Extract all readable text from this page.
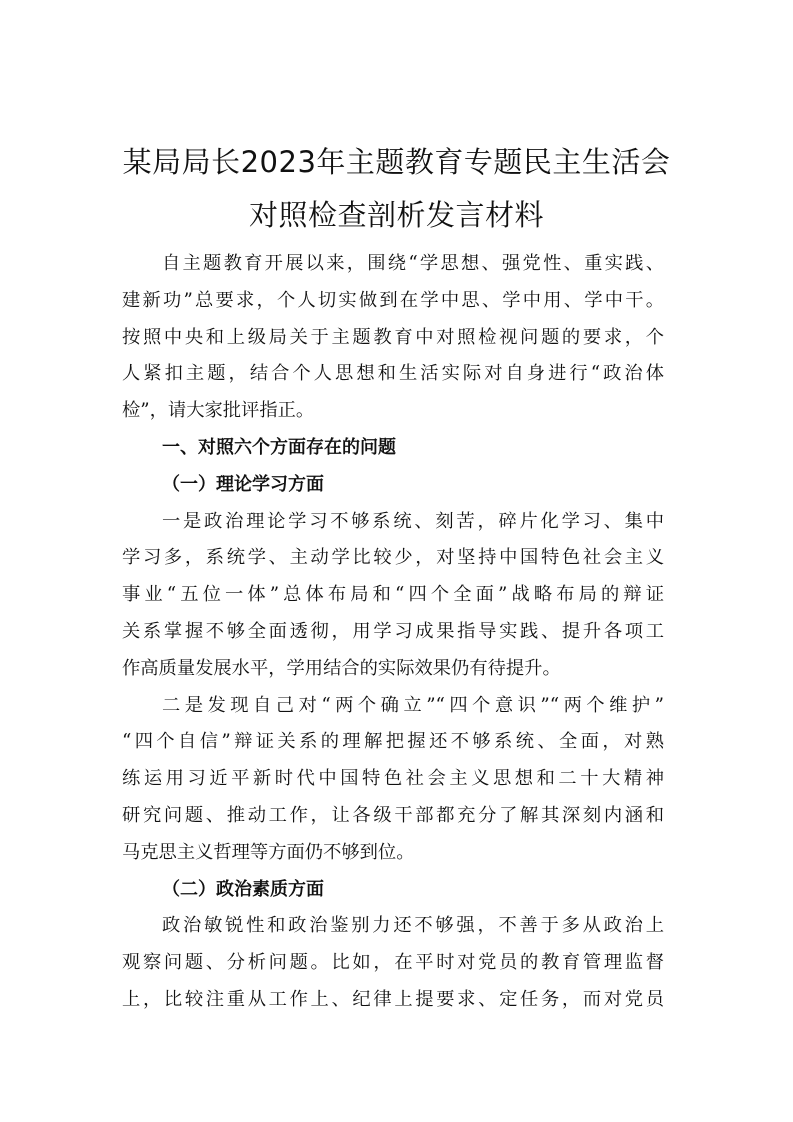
某局局长2023年主题教育专题民主生活会
对照检查剖析发言材料
自主题教育开展以来，围绕“学思想、强党性、重实践、
建新功”总要求，个人切实做到在学中思、学中用、学中干。
按照中央和上级局关于主题教育中对照检视问题的要求，个
人紧扣主题，结合个人思想和生活实际对自身进行“政治体
检”，请大家批评指正。
一、对照六个方面存在的问题
（一）理论学习方面
一是政治理论学习不够系统、刻苦，碎片化学习、集中
学习多，系统学、主动学比较少，对坚持中国特色社会主义
事业“五位一体”总体布局和“四个全面”战略布局的辩证
关系掌握不够全面透彻，用学习成果指导实践、提升各项工
作高质量发展水平，学用结合的实际效果仍有待提升。
二是发现自己对“两个确立”“四个意识”“两个维护”
“四个自信”辩证关系的理解把握还不够系统、全面，对熟
练运用习近平新时代中国特色社会主义思想和二十大精神
研究问题、推动工作，让各级干部都充分了解其深刻内涵和
马克思主义哲理等方面仍不够到位。
（二）政治素质方面
政治敏锐性和政治鉴别力还不够强，不善于多从政治上
观察问题、分析问题。比如，在平时对党员的教育管理监督
上，比较注重从工作上、纪律上提要求、定任务，而对党员
